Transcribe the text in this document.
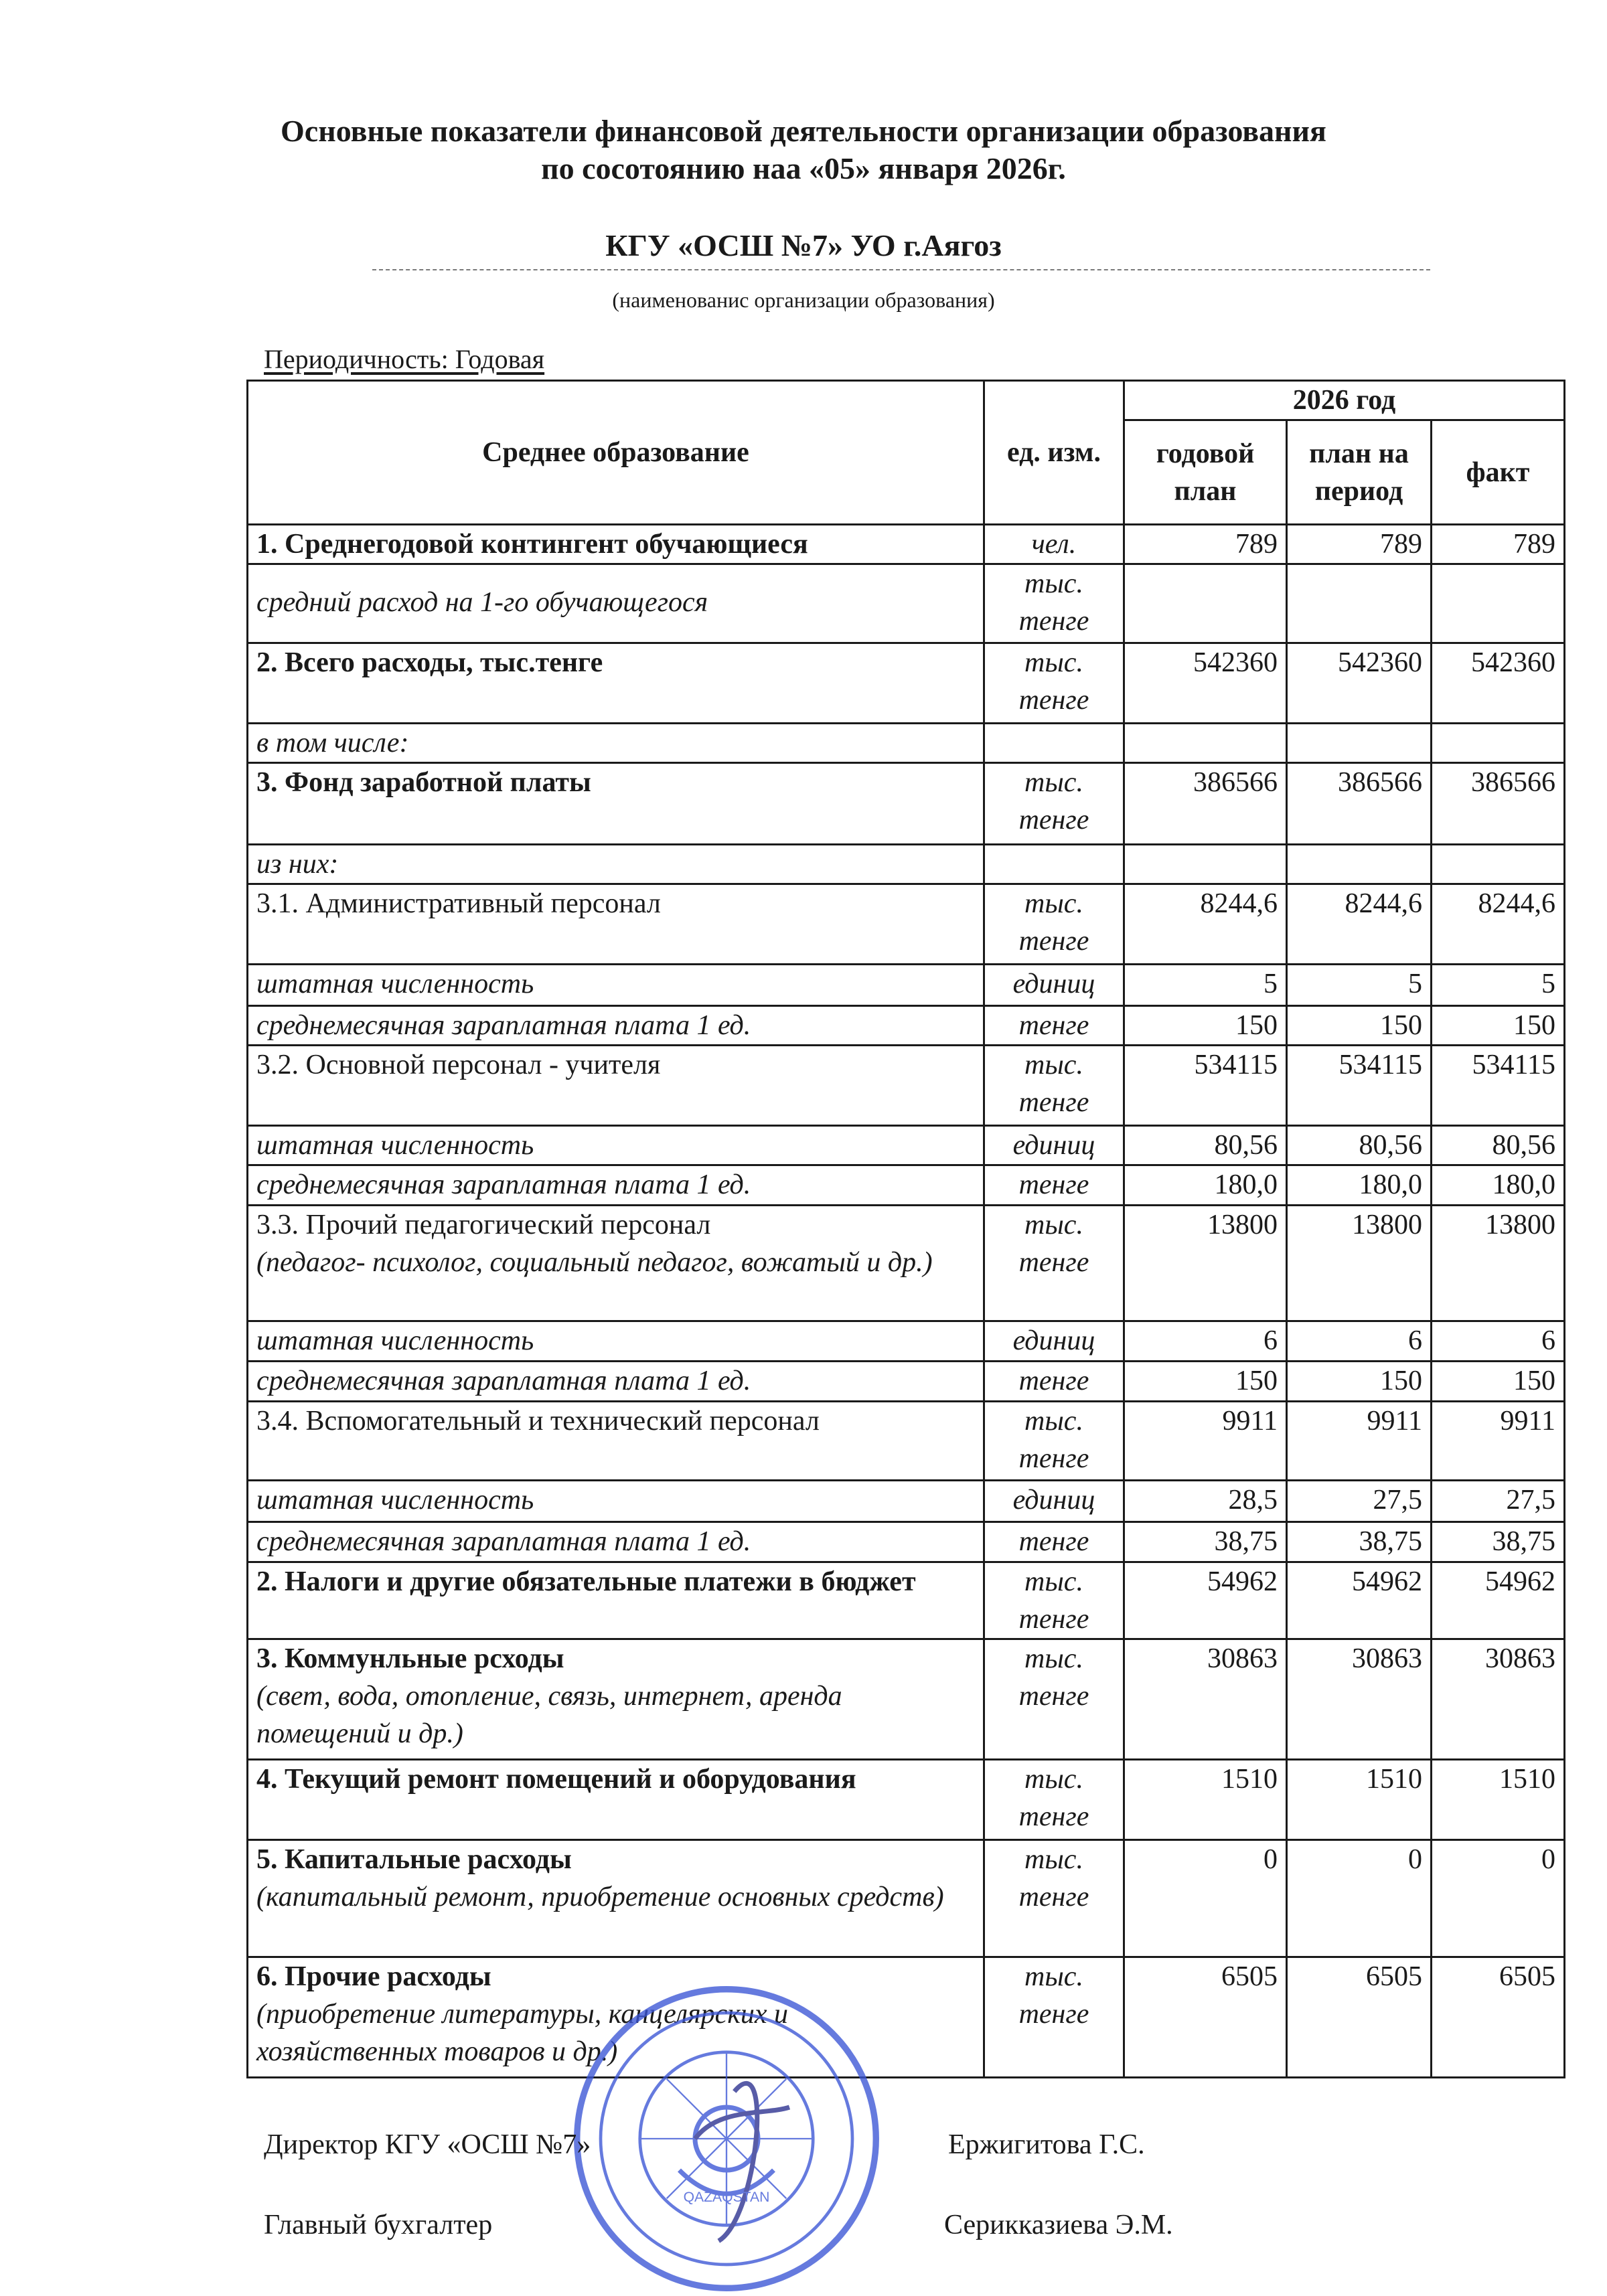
Основные показатели финансовой деятельности организации образования
по сосотоянию наа «05» января 2026г.
КГУ «ОСШ №7» УО г.Аягоз
(наименованис организации образования)
Периодичность: Годовая
Среднее образование	ед. изм.	2026 год		
		годовой план	план на период	факт
1. Среднегодовой контингент обучающиеся	чел.	789	789	789
средний расход на 1-го обучающегося	тыс. тенге			
2. Всего расходы, тыс.тенге	тыс. тенге	542360	542360	542360
в том числе:				
3. Фонд заработной платы	тыс. тенге	386566	386566	386566
из них:				
3.1. Административный персонал	тыс. тенге	8244,6	8244,6	8244,6
штатная численность	единиц	5	5	5
среднемесячная зарaплатная плата 1 ед.	тенге	150	150	150
3.2. Основной персонал - учителя	тыс. тенге	534115	534115	534115
штатная численность	единиц	80,56	80,56	80,56
среднемесячная зарaплатная плата 1 ед.	тенге	180,0	180,0	180,0
3.3. Прочий педагогический персонал
(педагог- психолог, социальный педагог, вожатый и др.)	тыс. тенге	13800	13800	13800
штатная численность	единиц	6	6	6
среднемесячная зарaплатная плата 1 ед.	тенге	150	150	150
3.4. Вспомогательный и технический персонал	тыс. тенге	9911	9911	9911
штатная численность	единиц	28,5	27,5	27,5
среднемесячная зарaплатная плата 1 ед.	тенге	38,75	38,75	38,75
2. Налоги и другие обязательные платежи в бюджет	тыс. тенге	54962	54962	54962
3. Коммунльные рсходы
(свет, вода, отопление, связь, интернет, аренда помещений и др.)	тыс. тенге	30863	30863	30863
4. Текущий ремонт помещений и оборудования	тыс. тенге	1510	1510	1510
5. Капитальные расходы
(капитальный ремонт, приобретение основных средств)	тыс. тенге	0	0	0
6. Прочие расходы
(приобретение литературы, канцелярских и хозяйственных товаров и др.)	тыс. тенге	6505	6505	6505
QAZAQSTAN
Директор КГУ «ОСШ №7»	Ержигитова Г.С.
Главный бухгалтер	Серикказиева Э.М.
